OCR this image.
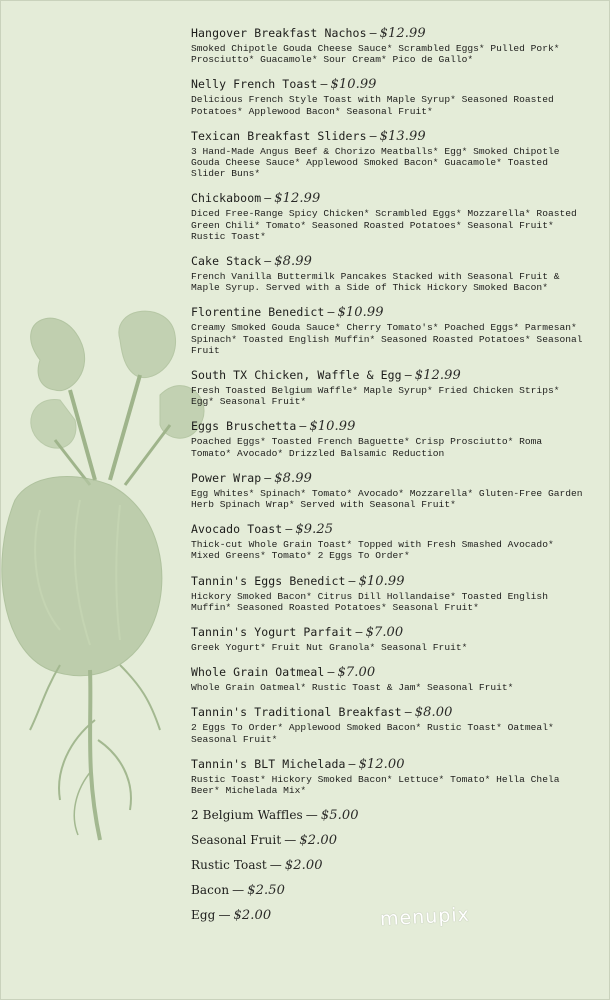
Hangover Breakfast Nachos — $12.99
Smoked Chipotle Gouda Cheese Sauce* Scrambled Eggs* Pulled Pork* Prosciutto* Guacamole* Sour Cream* Pico de Gallo*
Nelly French Toast — $10.99
Delicious French Style Toast with Maple Syrup* Seasoned Roasted Potatoes* Applewood Bacon* Seasonal Fruit*
Texican Breakfast Sliders — $13.99
3 Hand-Made Angus Beef & Chorizo Meatballs* Egg* Smoked Chipotle Gouda Cheese Sauce* Applewood Smoked Bacon* Guacamole* Toasted Slider Buns*
Chickaboom — $12.99
Diced Free-Range Spicy Chicken* Scrambled Eggs* Mozzarella* Roasted Green Chili* Tomato* Seasoned Roasted Potatoes* Seasonal Fruit* Rustic Toast*
Cake Stack — $8.99
French Vanilla Buttermilk Pancakes Stacked with Seasonal Fruit & Maple Syrup. Served with a Side of Thick Hickory Smoked Bacon*
Florentine Benedict — $10.99
Creamy Smoked Gouda Sauce* Cherry Tomato's* Poached Eggs* Parmesan* Spinach* Toasted English Muffin* Seasoned Roasted Potatoes* Seasonal Fruit
South TX Chicken, Waffle & Egg — $12.99
Fresh Toasted Belgium Waffle* Maple Syrup* Fried Chicken Strips* Egg* Seasonal Fruit*
Eggs Bruschetta — $10.99
Poached Eggs* Toasted French Baguette* Crisp Prosciutto* Roma Tomato* Avocado* Drizzled Balsamic Reduction
Power Wrap — $8.99
Egg Whites* Spinach* Tomato* Avocado* Mozzarella* Gluten-Free Garden Herb Spinach Wrap* Served with Seasonal Fruit*
Avocado Toast — $9.25
Thick-cut Whole Grain Toast* Topped with Fresh Smashed Avocado* Mixed Greens* Tomato* 2 Eggs To Order*
Tannin's Eggs Benedict — $10.99
Hickory Smoked Bacon* Citrus Dill Hollandaise* Toasted English Muffin* Seasoned Roasted Potatoes* Seasonal Fruit*
Tannin's Yogurt Parfait — $7.00
Greek Yogurt* Fruit Nut Granola* Seasonal Fruit*
Whole Grain Oatmeal — $7.00
Whole Grain Oatmeal* Rustic Toast & Jam* Seasonal Fruit*
Tannin's Traditional Breakfast — $8.00
2 Eggs To Order* Applewood Smoked Bacon* Rustic Toast* Oatmeal* Seasonal Fruit*
Tannin's BLT Michelada — $12.00
Rustic Toast* Hickory Smoked Bacon* Lettuce* Tomato* Hella Chela Beer* Michelada Mix*
2 Belgium Waffles — $5.00
Seasonal Fruit — $2.00
Rustic Toast — $2.00
Bacon — $2.50
Egg — $2.00	menupix
